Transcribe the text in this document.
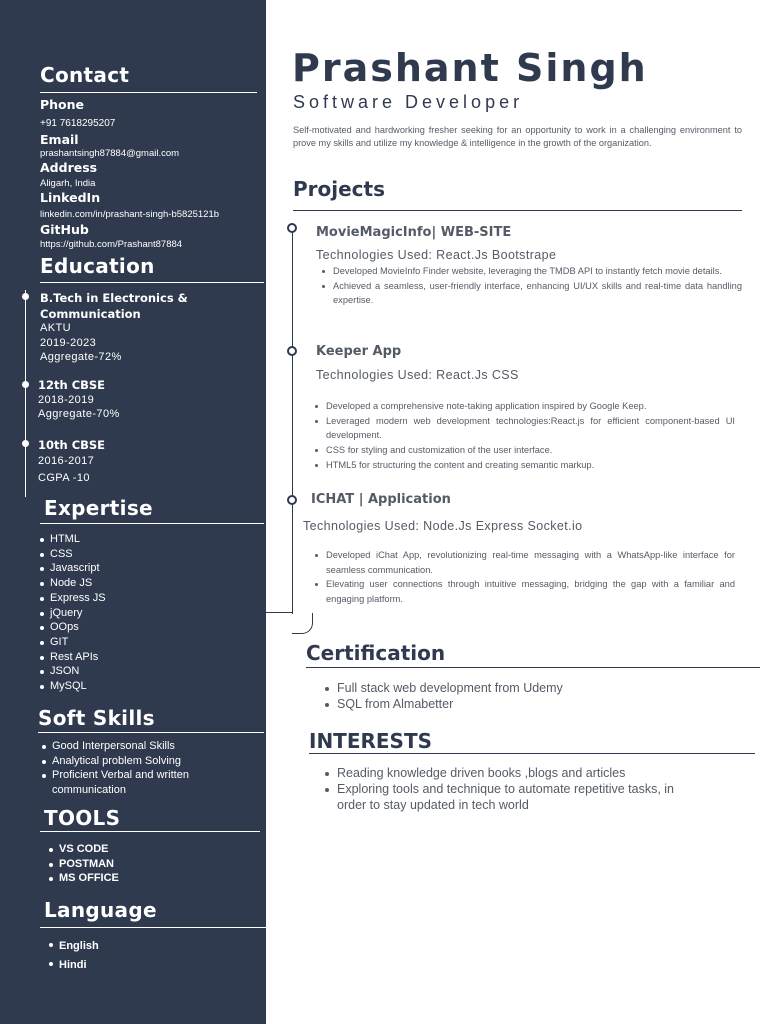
Contact
Phone
+91 7618295207
Email
prashantsingh87884@gmail.com
Address
Aligarh, India
LinkedIn
linkedin.com/in/prashant-singh-b5825121b
GitHub
https://github.com/Prashant87884
Education
B.Tech in Electronics & Communication
AKTU
2019-2023
Aggregate-72%
12th CBSE
2018-2019
Aggregate-70%
10th CBSE
2016-2017
CGPA -10
Expertise
HTML
CSS
Javascript
Node JS
Express JS
jQuery
OOps
GIT
Rest APIs
JSON
MySQL
Soft Skills
Good Interpersonal Skills
Analytical problem Solving
Proficient Verbal and written communication
TOOLS
VS CODE
POSTMAN
MS OFFICE
Language
English
Hindi
Prashant Singh
Software Developer
Self-motivated and hardworking fresher seeking for an opportunity to work in a challenging environment to prove my skills and utilize my knowledge & intelligence in the growth of the organization.
Projects
MovieMagicInfo| WEB-SITE
Technologies Used: React.Js Bootstrape
Developed MovieInfo Finder website, leveraging the TMDB API to instantly fetch movie details.
Achieved a seamless, user-friendly interface, enhancing UI/UX skills and real-time data handling expertise.
Keeper App
Technologies Used: React.Js CSS
Developed a comprehensive note-taking application inspired by Google Keep.
Leveraged modern web development technologies:React.js for efficient component-based UI development.
CSS for styling and customization of the user interface.
HTML5 for structuring the content and creating semantic markup.
ICHAT | Application
Technologies Used: Node.Js Express Socket.io
Developed iChat App, revolutionizing real-time messaging with a WhatsApp-like interface for seamless communication.
Elevating user connections through intuitive messaging, bridging the gap with a familiar and engaging platform.
Certification
Full stack web development from Udemy
SQL from Almabetter
INTERESTS
Reading knowledge driven books ,blogs and articles
Exploring tools and technique to automate repetitive tasks, in order to stay updated in tech world
